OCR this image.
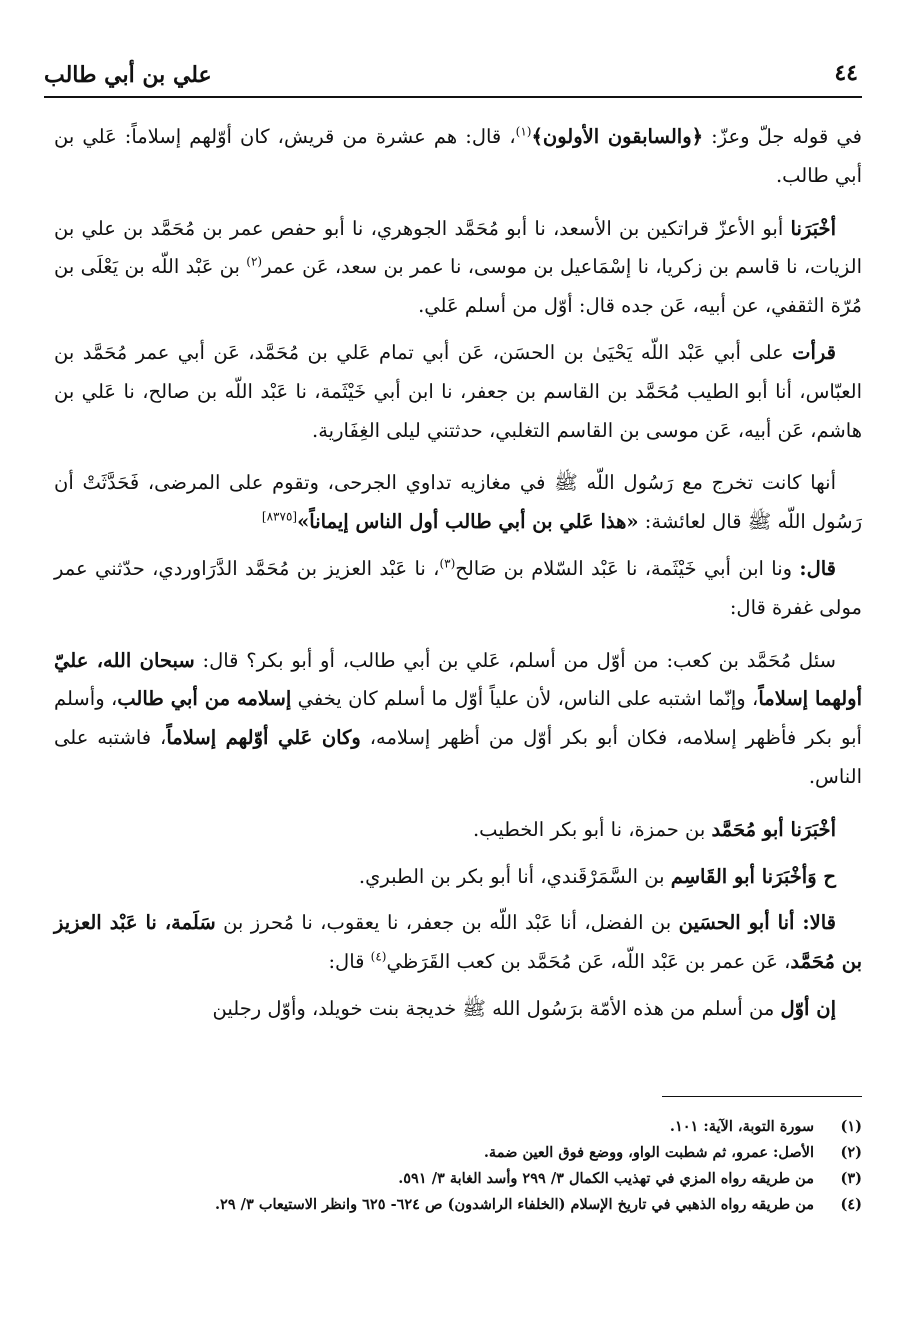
٤٤
علي بن أبي طالب

في قوله جلّ وعزّ: ﴿والسابقون الأولون﴾$^{(١)}$، قال: هم عشرة من قريش، كان أوّلهم إسلاماً: عَلي بن أبي طالب.

أخْبَرَنا أبو الأعزّ قراتكين بن الأسعد، نا أبو مُحَمَّد الجوهري، نا أبو حفص عمر بن مُحَمَّد بن علي بن الزيات، نا قاسم بن زكريا، نا إسْمَاعيل بن موسى، نا عمر بن سعد، عَن عمر$^{(٢)}$ بن عَبْد اللّه بن يَعْلَى بن مُرّة الثقفي، عن أبيه، عَن جده قال: أوّل من أسلم عَلي.

قرأت على أبي عَبْد اللّه يَحْيَىٰ بن الحسَن، عَن أبي تمام عَلي بن مُحَمَّد، عَن أبي عمر مُحَمَّد بن العبّاس، أنا أبو الطيب مُحَمَّد بن القاسم بن جعفر، نا ابن أبي خَيْثَمة، نا عَبْد اللّه بن صالح، نا عَلي بن هاشم، عَن أبيه، عَن موسى بن القاسم التغلبي، حدثتني ليلى الغِفَارية.

أنها كانت تخرج مع رَسُول اللّه ﷺ في مغازيه تداوي الجرحى، وتقوم على المرضى، فَحَدَّثَتْ أن رَسُول اللّه ﷺ قال لعائشة: «هذا عَلي بن أبي طالب أول الناس إيماناً»[٨٣٧٥]

قال: ونا ابن أبي خَيْثَمة، نا عَبْد السّلام بن صَالح$^{(٣)}$، نا عَبْد العزيز بن مُحَمَّد الدَّرَاوردي، حدّثني عمر مولى غفرة قال:

سئل مُحَمَّد بن كعب: من أوّل من أسلم، عَلي بن أبي طالب، أو أبو بكر؟ قال: سبحان الله، عليّ أولهما إسلاماً، وإنّما اشتبه على الناس، لأن علياً أوّل ما أسلم كان يخفي إسلامه من أبي طالب، وأسلم أبو بكر فأظهر إسلامه، فكان أبو بكر أوّل من أظهر إسلامه، وكان عَلي أوّلهم إسلاماً، فاشتبه على الناس.

أخْبَرَنا أبو مُحَمَّد بن حمزة، نا أبو بكر الخطيب.

ح وَأخْبَرَنا أبو القَاسِم بن السَّمَرْقَندي، أنا أبو بكر بن الطبري.

قالا: أنا أبو الحسَين بن الفضل، أنا عَبْد اللّه بن جعفر، نا يعقوب، نا مُحرز بن سَلَمة، نا عَبْد العزيز بن مُحَمَّد، عَن عمر بن عَبْد اللّه، عَن مُحَمَّد بن كعب القَرَظي$^{(٤)}$ قال:

إن أوّل من أسلم من هذه الأمّة برَسُول الله ﷺ خديجة بنت خويلد، وأوّل رجلين

(١)
سورة التوبة، الآية: ١٠١.
(٢)
الأصل: عمرو، ثم شطبت الواو، ووضع فوق العين ضمة.
(٣)
من طريقه رواه المزي في تهذيب الكمال ٣/ ٢٩٩ وأسد الغابة ٣/ ٥٩١.
(٤)
من طريقه رواه الذهبي في تاريخ الإسلام (الخلفاء الراشدون) ص ٦٢٤- ٦٢٥ وانظر الاستيعاب ٣/ ٢٩.
